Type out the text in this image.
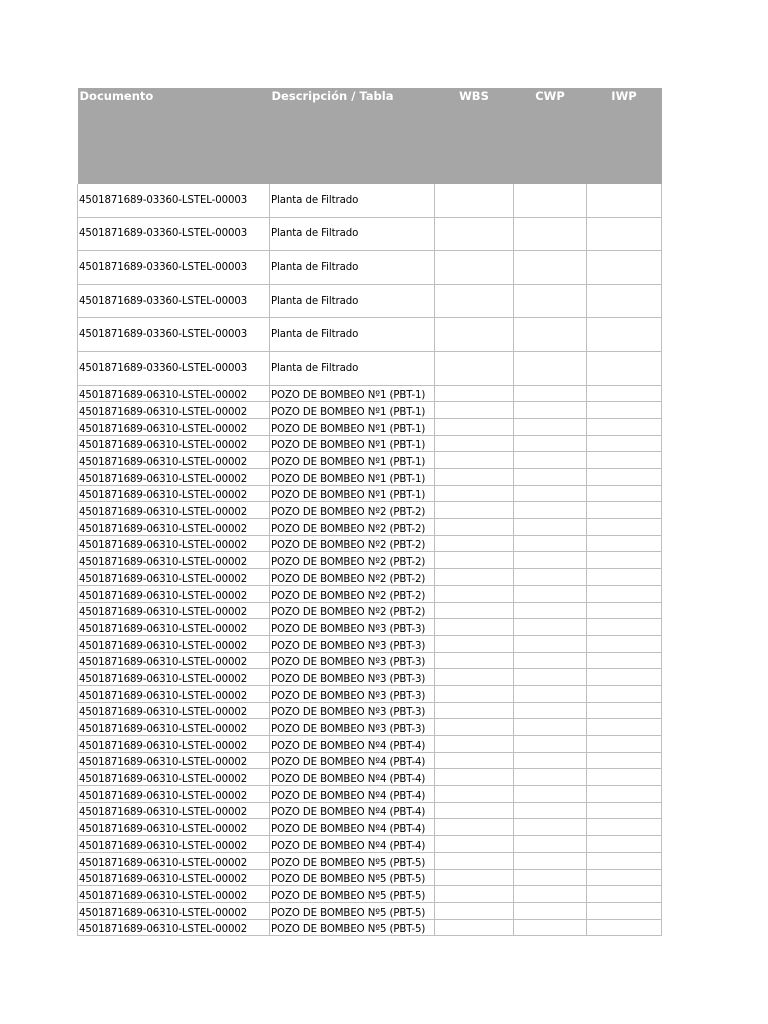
Documento	Descripción / Tabla	WBS	CWP	IWP
4501871689-03360-LSTEL-00003	Planta de Filtrado			
4501871689-03360-LSTEL-00003	Planta de Filtrado			
4501871689-03360-LSTEL-00003	Planta de Filtrado			
4501871689-03360-LSTEL-00003	Planta de Filtrado			
4501871689-03360-LSTEL-00003	Planta de Filtrado			
4501871689-03360-LSTEL-00003	Planta de Filtrado			
4501871689-06310-LSTEL-00002	POZO DE BOMBEO Nº1 (PBT-1)			
4501871689-06310-LSTEL-00002	POZO DE BOMBEO Nº1 (PBT-1)			
4501871689-06310-LSTEL-00002	POZO DE BOMBEO Nº1 (PBT-1)			
4501871689-06310-LSTEL-00002	POZO DE BOMBEO Nº1 (PBT-1)			
4501871689-06310-LSTEL-00002	POZO DE BOMBEO Nº1 (PBT-1)			
4501871689-06310-LSTEL-00002	POZO DE BOMBEO Nº1 (PBT-1)			
4501871689-06310-LSTEL-00002	POZO DE BOMBEO Nº1 (PBT-1)			
4501871689-06310-LSTEL-00002	POZO DE BOMBEO Nº2 (PBT-2)			
4501871689-06310-LSTEL-00002	POZO DE BOMBEO Nº2 (PBT-2)			
4501871689-06310-LSTEL-00002	POZO DE BOMBEO Nº2 (PBT-2)			
4501871689-06310-LSTEL-00002	POZO DE BOMBEO Nº2 (PBT-2)			
4501871689-06310-LSTEL-00002	POZO DE BOMBEO Nº2 (PBT-2)			
4501871689-06310-LSTEL-00002	POZO DE BOMBEO Nº2 (PBT-2)			
4501871689-06310-LSTEL-00002	POZO DE BOMBEO Nº2 (PBT-2)			
4501871689-06310-LSTEL-00002	POZO DE BOMBEO Nº3 (PBT-3)			
4501871689-06310-LSTEL-00002	POZO DE BOMBEO Nº3 (PBT-3)			
4501871689-06310-LSTEL-00002	POZO DE BOMBEO Nº3 (PBT-3)			
4501871689-06310-LSTEL-00002	POZO DE BOMBEO Nº3 (PBT-3)			
4501871689-06310-LSTEL-00002	POZO DE BOMBEO Nº3 (PBT-3)			
4501871689-06310-LSTEL-00002	POZO DE BOMBEO Nº3 (PBT-3)			
4501871689-06310-LSTEL-00002	POZO DE BOMBEO Nº3 (PBT-3)			
4501871689-06310-LSTEL-00002	POZO DE BOMBEO Nº4 (PBT-4)			
4501871689-06310-LSTEL-00002	POZO DE BOMBEO Nº4 (PBT-4)			
4501871689-06310-LSTEL-00002	POZO DE BOMBEO Nº4 (PBT-4)			
4501871689-06310-LSTEL-00002	POZO DE BOMBEO Nº4 (PBT-4)			
4501871689-06310-LSTEL-00002	POZO DE BOMBEO Nº4 (PBT-4)			
4501871689-06310-LSTEL-00002	POZO DE BOMBEO Nº4 (PBT-4)			
4501871689-06310-LSTEL-00002	POZO DE BOMBEO Nº4 (PBT-4)			
4501871689-06310-LSTEL-00002	POZO DE BOMBEO Nº5 (PBT-5)			
4501871689-06310-LSTEL-00002	POZO DE BOMBEO Nº5 (PBT-5)			
4501871689-06310-LSTEL-00002	POZO DE BOMBEO Nº5 (PBT-5)			
4501871689-06310-LSTEL-00002	POZO DE BOMBEO Nº5 (PBT-5)			
4501871689-06310-LSTEL-00002	POZO DE BOMBEO Nº5 (PBT-5)			
